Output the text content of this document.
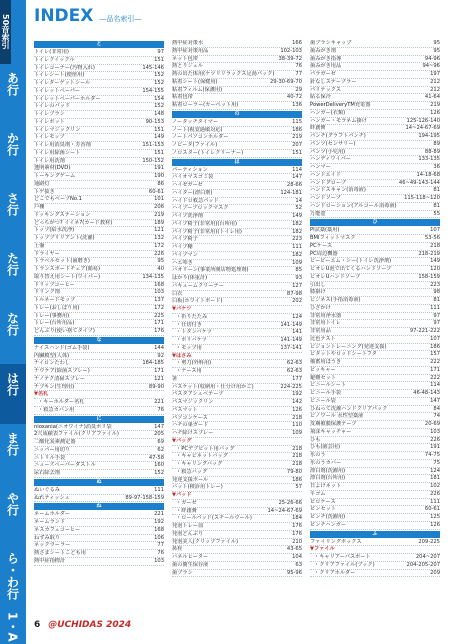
50音索引
あ行
か行
さ行
た行
な行
は行
ま行
や行
ら・わ行
1・A
INDEX ―品名索引―
と
トイレ(非常用)	97
トイレクイックル	151
トイレコーナー(汚物入れ)	145-146
トイレシート(便座用)	152
トイレターゲットシール	152
トイレットペーパー	154-155
トイレットペーパーホルダー	154
トイレのパッド	152
トイレブラシ	148
トイレボット	90-153
トイレマジックリン	151
トイレモップ	149
トイレ用消臭剤・芳香剤	151-153
トイレ用除菌シート	151
トイレ用洗剤	150-152
透明素材(DVD)	191
トーキングゲーム	190
通路灯	86
トゲ抜き	60-61
どこでもベープNo.1	101
戸棚	206
ドッキングステーション	219
どっちがつ? イイネ?(カード教材)	189
トップ(給水洗浄)	121
トップブリリアント(洗濯)	132
土嚢	172
ドライヤー	226
トラベルセット(歯磨き)	95
トランスボードチェア(簡易)	40
取り替え用シート(ワイパー)	134-135
ドリップコーヒー	168
ドリンク剤	103
トルネードモップ	137
トレー(おしぼり用)	172
トレー(事務用)	225
トレー(台所用品)	171
どんぶり(使い捨てタイプ)	176
な
ナイスハンド(ゴム手袋)	144
内臓模型(人体)	92
ナイロンたわし	184-185
ナウケア(除菌スプレー)	171
ナノテク清掃スプレー	121
ナプキン(生理用)	89-90
▼名札
・キーホルダー名札	221
・救急カバン用	76
に
nioxania(ニオワイナ)消臭ポリ袋	147
2穴成績表ファイル(クリアファイル)	205
二酸化炭素測定器	69
ニッパー用切り	62
ニトリル手袋	47-58
ニューズペーパーダストル	160
尿石除去剤	152
ぬ
ぬいぐるみ	111
ぬれティッシュ	89-97-158-159
ね
ネームホルダー	221
ネームランド	192
ネスカフェコーヒー	168
ねずみ取り	106
ネックウーラー	77
熱さまシートこども用	76
熱中症指標計	103
熱中症対策水	166
熱中症対策用品	102-103
ネット包帯	38-39-72
熱とりジェル	76
熱の出た体用(ケツリリラックス足湯パック)	77
粘着シート(保健用)	29-30-69-70
粘着フィルム(保護用)	29
粘着包帯	40-72
粘着ローラー(カーペット用)	136
の
ノータッチタイマー	115
ノート(視覚過敏対応)	186
ノートパソコンホルダー	219
ノビータ(ファイル)	207
ノロスター(トイレクリーナー)	151
は
パーティション	114
バイオマスゴミ袋	147
ハイゼガーゼ	28-66
ハイター(漂白剤)	124-181
ハイドロ救急パッド	14
ハイブーブロックマスク	52
パイプ洗浄剤	149
パイプ椅子(非常用)(台所用)	182
パイプ椅子(非常用)(トイレ用)	182
パイプ椅子	223
パイプ棚	111
パイプマン	182
ハエ叩き	109
バオリーン(事業所開店物処理剤)	85
はかり(体重計)	93
バキュームクリーナー	127
白衣	87-98
白板(ホワイトボード)	202
▼バケツ
・折りたたみ	124
・仕切付き	141-149
・トタンバケツ	141
・ポリバケツ	141-149
・モップ用	137-141
▼はさみ
・剪刀(外科用)	62-63
・ナース用	62-63
箸	177
バスケット(収納用・仕分け用かご)	224-225
パスタアシュベテープ	192
パスマジックリン	142
パスマット	126
パソコンケース	218
ハチの巣ガード	110
ハチ除けスプレー	109
▼バッグ
・PCデブピット用バッグ	218
・キャビネットバッグ	218
・キャリングバッグ	218
・救急バッグ	79-80
発達支援ボール	186
バット(検診用トレー)	57
▼パッド
・ガーゼ	25-26-66
・絆創膏	14~24-67-69
・ロールパッド(スチールウール)	184
発泡トレー皿	176
発泡どんぶり	176
発泡美人(クリップファイル)	210
鼻栓	43-65
バネルヒーター	104
歯の衛生保存液	63
歯ブラシ	95-96
歯ブラシキャップ	95
歯みがき剤	95
歯みがき指導	94-96
歯みがき用品	94~96
パラガーゼ	197
針なしステープラー	212
パリテックス	212
貼る保冷	41-64
PowerDeliveryTM充電器	219
ハンガー(衣類)	126
ハンガー・モラネム掛け	125-126-140
絆創膏	14~24-67-69
パンチ(グラフトパンチ)	194-195
パンツ(センサリー)	89
パンツ(小児用)	88-89
ハンディワイパー	133-135
ハンマー	36
ハンドエイド	14-18-68
ハンドグローブ	46~49-143-144
ハンドスキャン(消毒液)	81
ハンドソープ	115-118~120
ハンドローション(アルコール消毒液)	81
万能壺	55
ひ
PI試薬(薬用)	107
BMIフィットマスク	53-56
PCケース	218
PC周辺機器	218-219
ビーピーエム・シー(トイレ洗浄剤)	149
ビオレU泡で出てくるハンドソープ	120
ビオレUハンドソープ	158-159
引出し	223
膝掛け	98
ビジネス(手指消毒液)	81
ひざかけ	111
非常用浄水器	97
非常用トイレ	97
非常用品	97-221-222
比色テスト	107
ビジョントレーニング(発達支援)	186
ビタットやロッドシートフタ	157
備蓄用ほうき	222
ピッキャー	171
避難セット	222
ビニールシート	114
ビニール手袋	46-48-143
ビニール袋	147
ひねって洗濯ハンドクリアパック	84
ビノワール 水性型薬液	74
皮膚被膜保護テープ	20-69
飛沫キャッチャー	103
ひも	226
ひも(園芸用)	191
氷のう	74-75
氷のうカバー	75
漂白剤(洗濯用)	124
漂白剤(台所用)	181
日よけネット	102
平ゴム	226
ピロケース	111
ピンセット	60-61
ピンチ(洗濯用)	125
ピンチハンガー	126
ふ
ファイリングボックス	209-225
▼ファイル
・キャリアーパスポート	204~207
・クリアファイル(ブック)	204-205-207
・クリアホルダー	209
6 @UCHIDAS 2024
